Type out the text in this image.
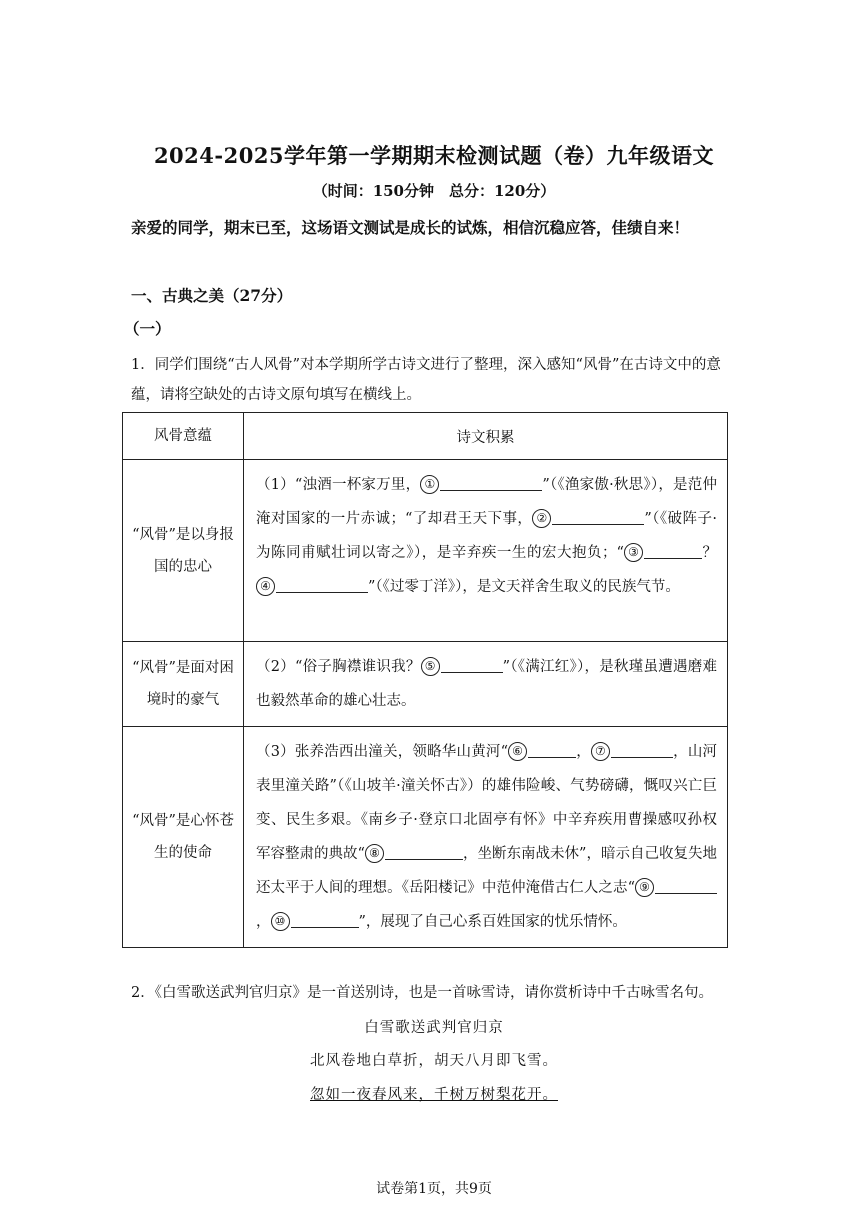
2024-2025学年第一学期期末检测试题（卷）九年级语文
（时间：150分钟　总分：120分）
亲爱的同学，期末已至，这场语文测试是成长的试炼，相信沉稳应答，佳绩自来！
一、古典之美（27分）
（一）
1．同学们围绕“古人风骨”对本学期所学古诗文进行了整理，深入感知“风骨”在古诗文中的意蕴，请将空缺处的古诗文原句填写在横线上。
风骨意蕴	诗文积累
“风骨”是以身报国的忠心	（1）“浊酒一杯家万里， ① ”（《渔家傲·秋思》），是范仲淹对国家的一片赤诚；“了却君王天下事， ② ”（《破阵子·为陈同甫赋壮词以寄之》），是辛弃疾一生的宏大抱负；“ ③ ？④ ”（《过零丁洋》），是文天祥舍生取义的民族气节。
“风骨”是面对困境时的豪气	（2）“俗子胸襟谁识我？ ⑤ ”（《满江红》），是秋瑾虽遭遇磨难也毅然革命的雄心壮志。
“风骨”是心怀苍生的使命	（3）张养浩西出潼关，领略华山黄河“ ⑥ ， ⑦ ，山河表里潼关路”（《山坡羊·潼关怀古》）的雄伟险峻、气势磅礴，慨叹兴亡巨变、民生多艰。《南乡子·登京口北固亭有怀》中辛弃疾用曹操感叹孙权军容整肃的典故“ ⑧ ，坐断东南战未休”，暗示自己收复失地还太平于人间的理想。《岳阳楼记》中范仲淹借古仁人之志“ ⑨， ⑩ ”，展现了自己心系百姓国家的忧乐情怀。
2．《白雪歌送武判官归京》是一首送别诗，也是一首咏雪诗，请你赏析诗中千古咏雪名句。
白雪歌送武判官归京
北风卷地白草折，胡天八月即飞雪。
忽如一夜春风来，千树万树梨花开。
试卷第1页，共9页
